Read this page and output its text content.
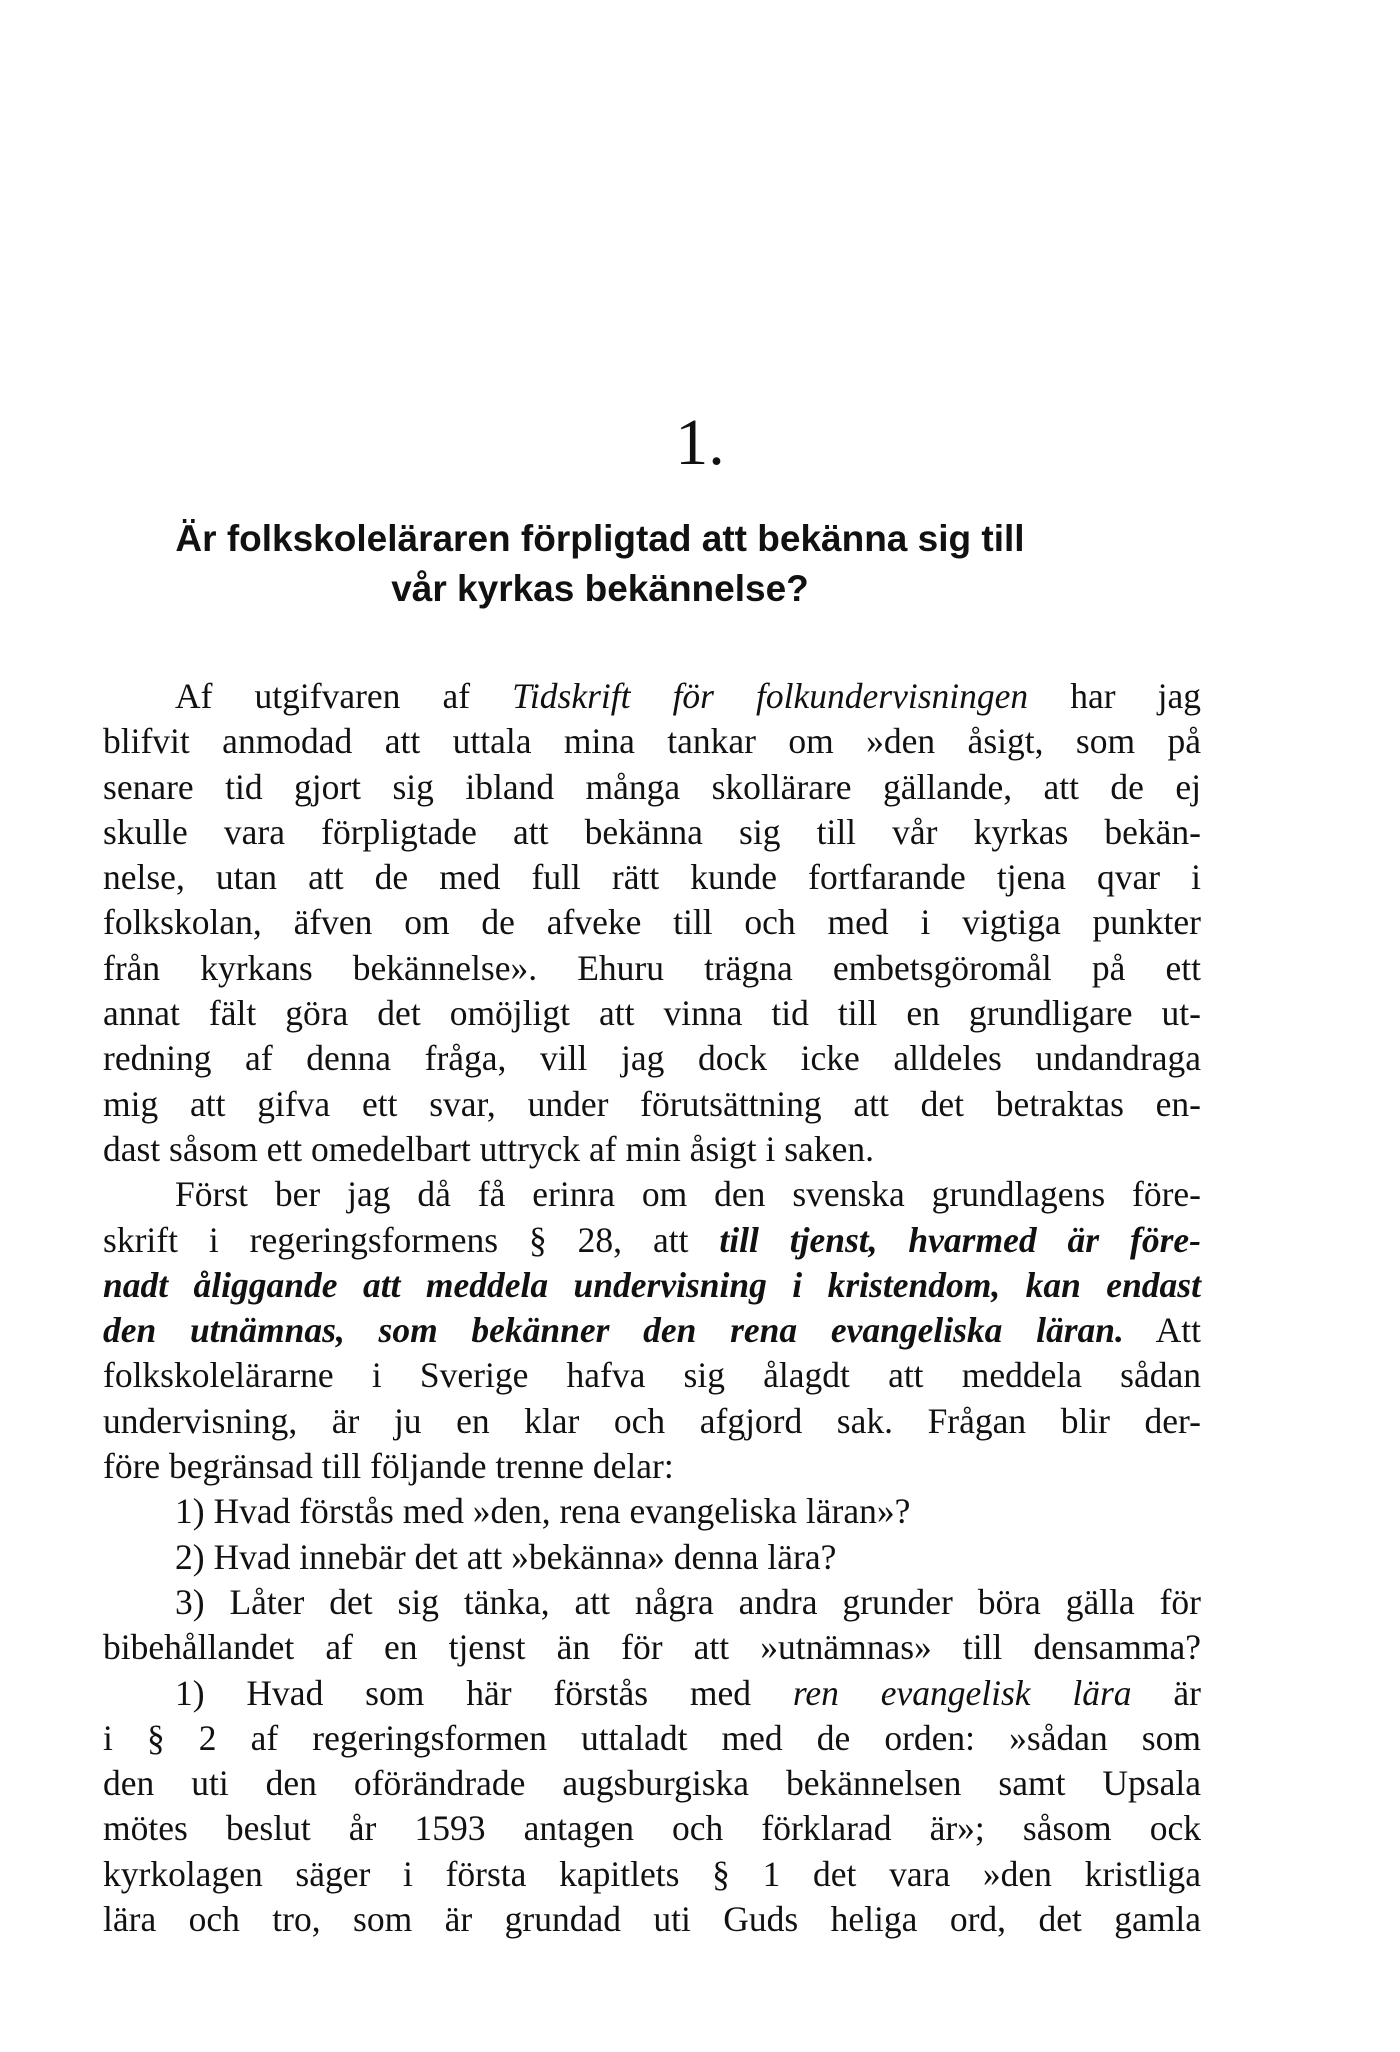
1.
Är folkskoleläraren förpligtad att bekänna sig till
vår kyrkas bekännelse?
Af utgifvaren af Tidskrift för folkundervisningen har jag
blifvit anmodad att uttala mina tankar om »den åsigt, som på
senare tid gjort sig ibland många skollärare gällande, att de ej
skulle vara förpligtade att bekänna sig till vår kyrkas bekän-
nelse, utan att de med full rätt kunde fortfarande tjena qvar i
folkskolan, äfven om de afveke till och med i vigtiga punkter
från kyrkans bekännelse». Ehuru trägna embetsgöromål på ett
annat fält göra det omöjligt att vinna tid till en grundligare ut-
redning af denna fråga, vill jag dock icke alldeles undandraga
mig att gifva ett svar, under förutsättning att det betraktas en-
dast såsom ett omedelbart uttryck af min åsigt i saken.
Först ber jag då få erinra om den svenska grundlagens före-
skrift i regeringsformens § 28, att till tjenst, hvarmed är före-
nadt åliggande att meddela undervisning i kristendom, kan endast
den utnämnas, som bekänner den rena evangeliska läran. Att
folkskolelärarne i Sverige hafva sig ålagdt att meddela sådan
undervisning, är ju en klar och afgjord sak. Frågan blir der-
före begränsad till följande trenne delar:
1) Hvad förstås med »den, rena evangeliska läran»?
2) Hvad innebär det att »bekänna» denna lära?
3) Låter det sig tänka, att några andra grunder böra gälla för
bibehållandet af en tjenst än för att »utnämnas» till densamma?
1) Hvad som här förstås med ren evangelisk lära är
i § 2 af regeringsformen uttaladt med de orden: »sådan som
den uti den oförändrade augsburgiska bekännelsen samt Upsala
mötes beslut år 1593 antagen och förklarad är»; såsom ock
kyrkolagen säger i första kapitlets § 1 det vara »den kristliga
lära och tro, som är grundad uti Guds heliga ord, det gamla
